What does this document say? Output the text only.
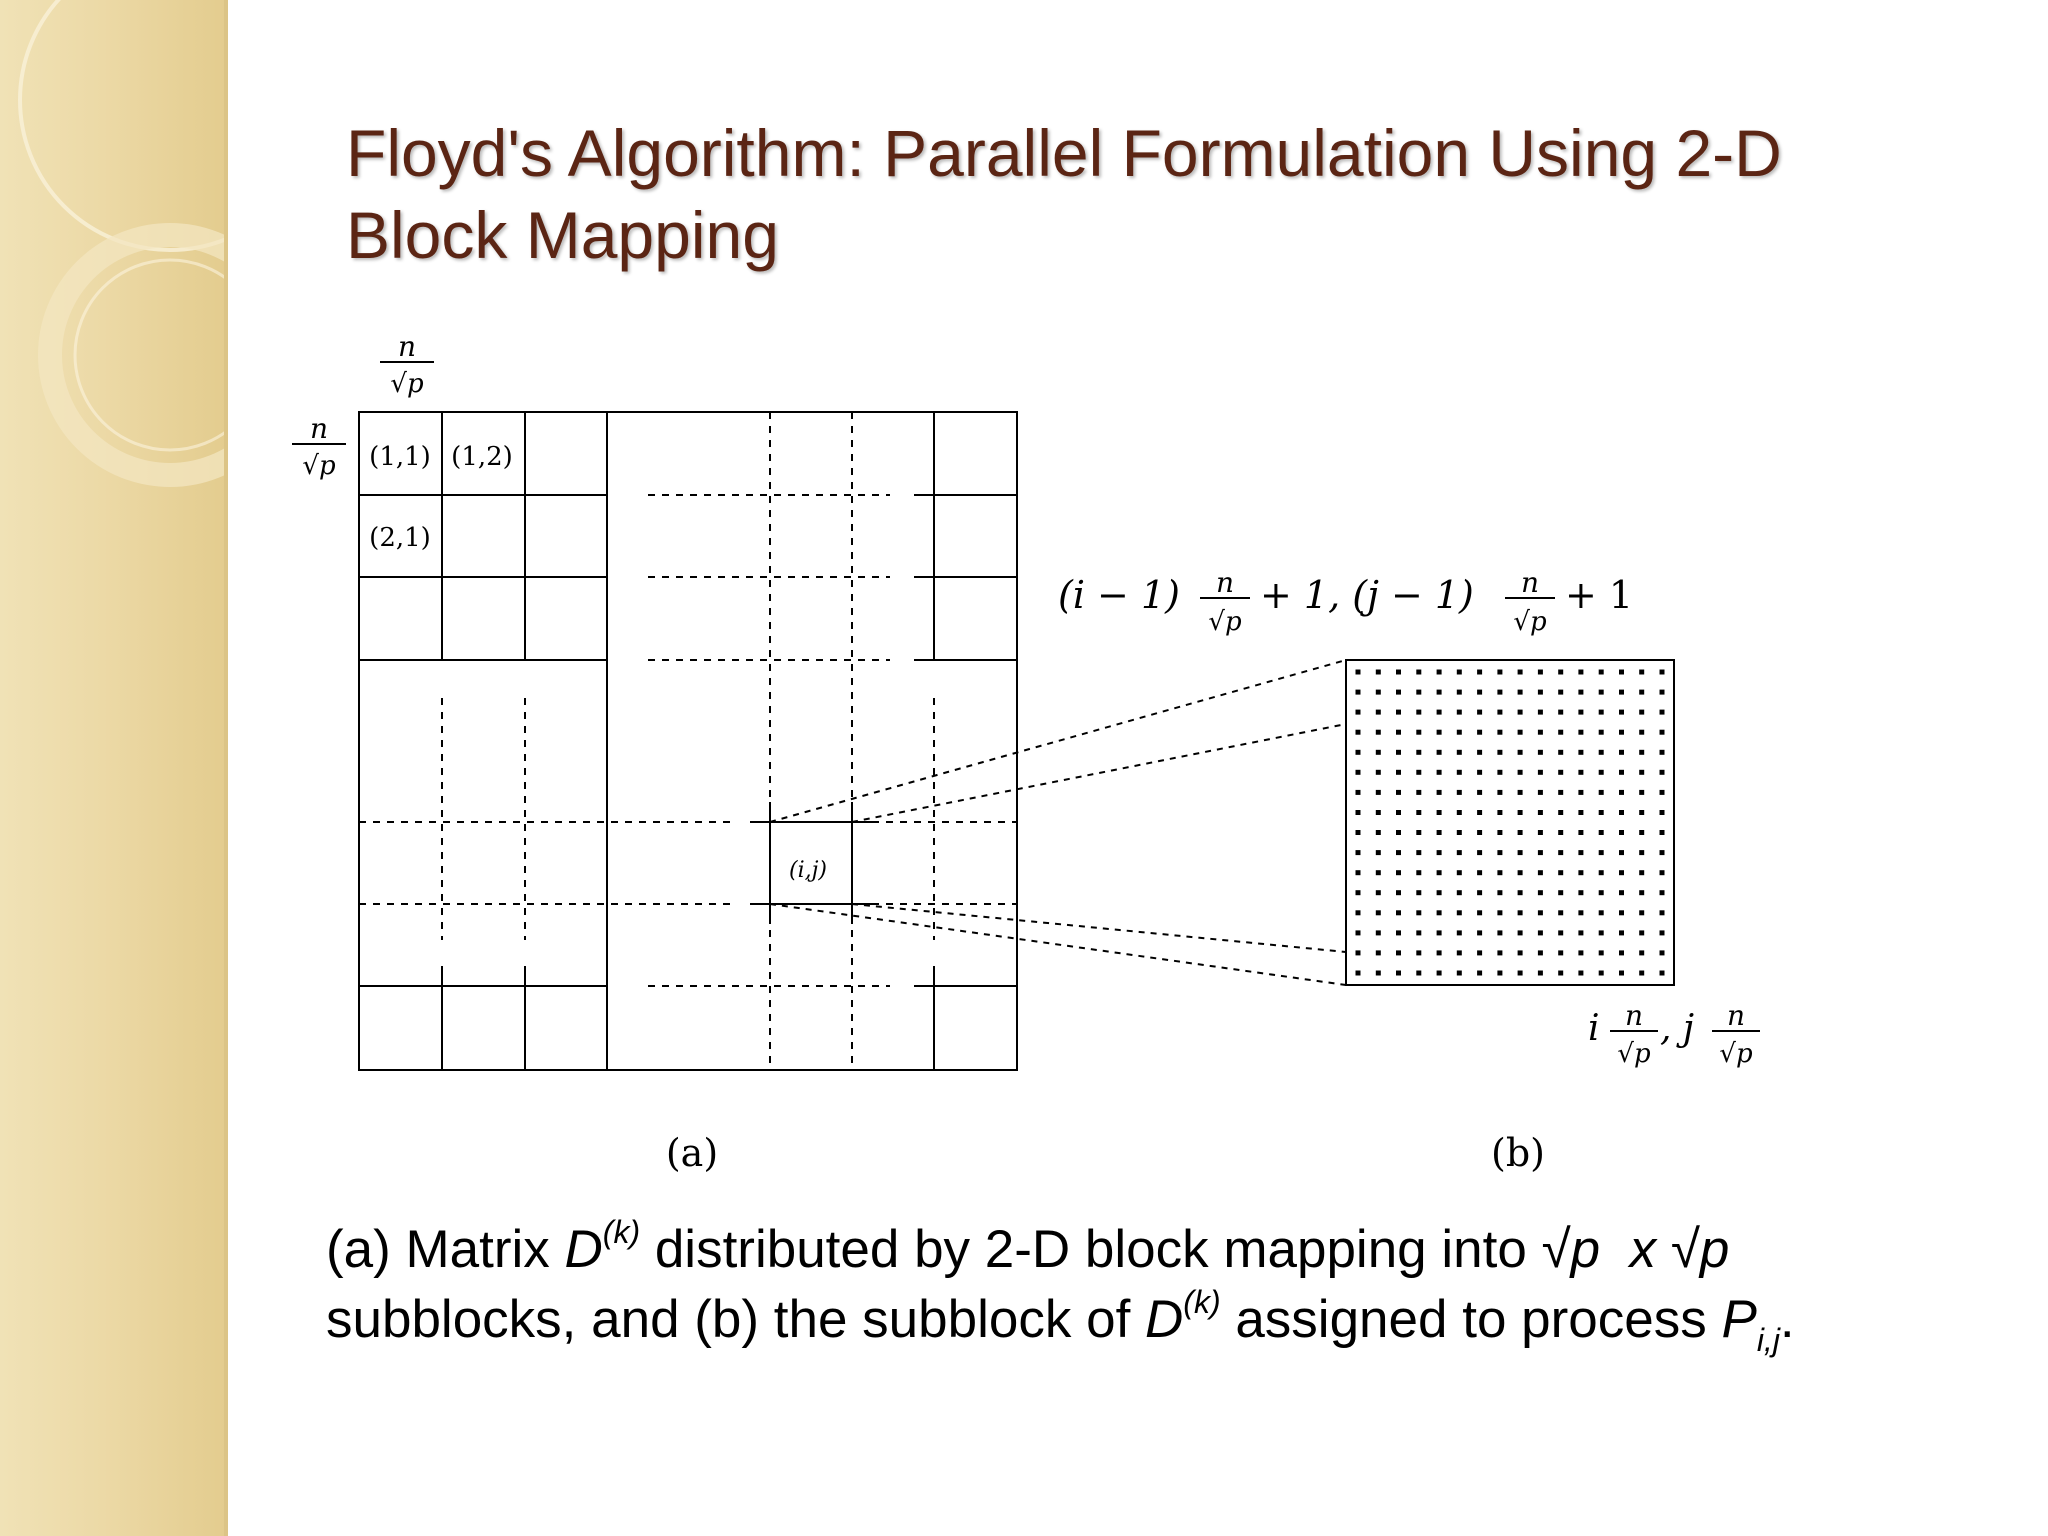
Floyd's Algorithm: Parallel Formulation Using 2-D Block Mapping
n
√p
n
√p (1,1) (1,2)
(2,1)
(i,j)
(a)
(i − 1) n
√p
+ 1, (j − 1) n
√p
+ 1
i n
√p
, j n
√p
(b)
(a) Matrix $D^{(k)}$ distributed by 2-D block mapping into √p x √p
subblocks, and (b) the subblock of $D^{(k)}$ assigned to process $P_{i,j}$.
